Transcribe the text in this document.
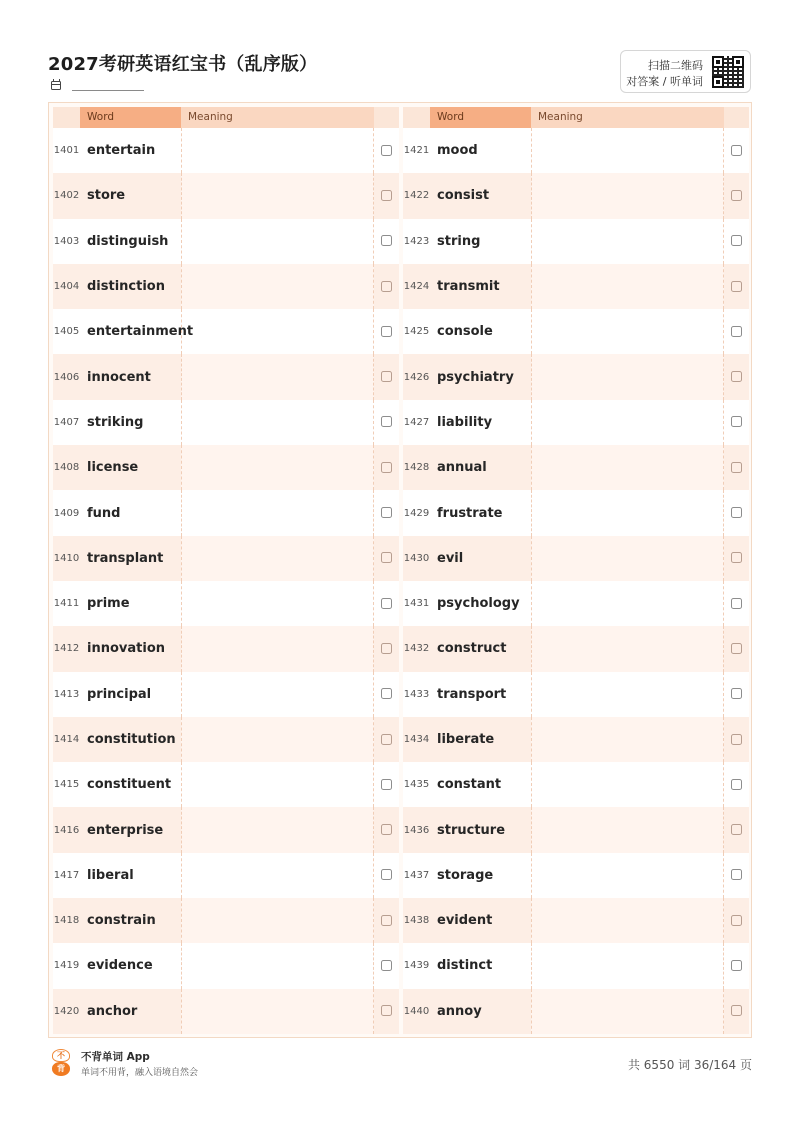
2027考研英语红宝书（乱序版）	扫描二维码
对答案 / 听单词
Word	Meaning
1401 entertain
1402 store
1403 distinguish
1404 distinction
1405 entertainment
1406 innocent
1407 striking
1408 license
1409 fund
1410 transplant
1411 prime
1412 innovation
1413 principal
1414 constitution
1415 constituent
1416 enterprise
1417 liberal
1418 constrain
1419 evidence
1420 anchor
Word	Meaning
1421 mood
1422 consist
1423 string
1424 transmit
1425 console
1426 psychiatry
1427 liability
1428 annual
1429 frustrate
1430 evil
1431 psychology
1432 construct
1433 transport
1434 liberate
1435 constant
1436 structure
1437 storage
1438 evident
1439 distinct
1440 annoy
不
背
不背单词 App
单词不用背，融入语境自然会
共 6550 词 36/164 页
